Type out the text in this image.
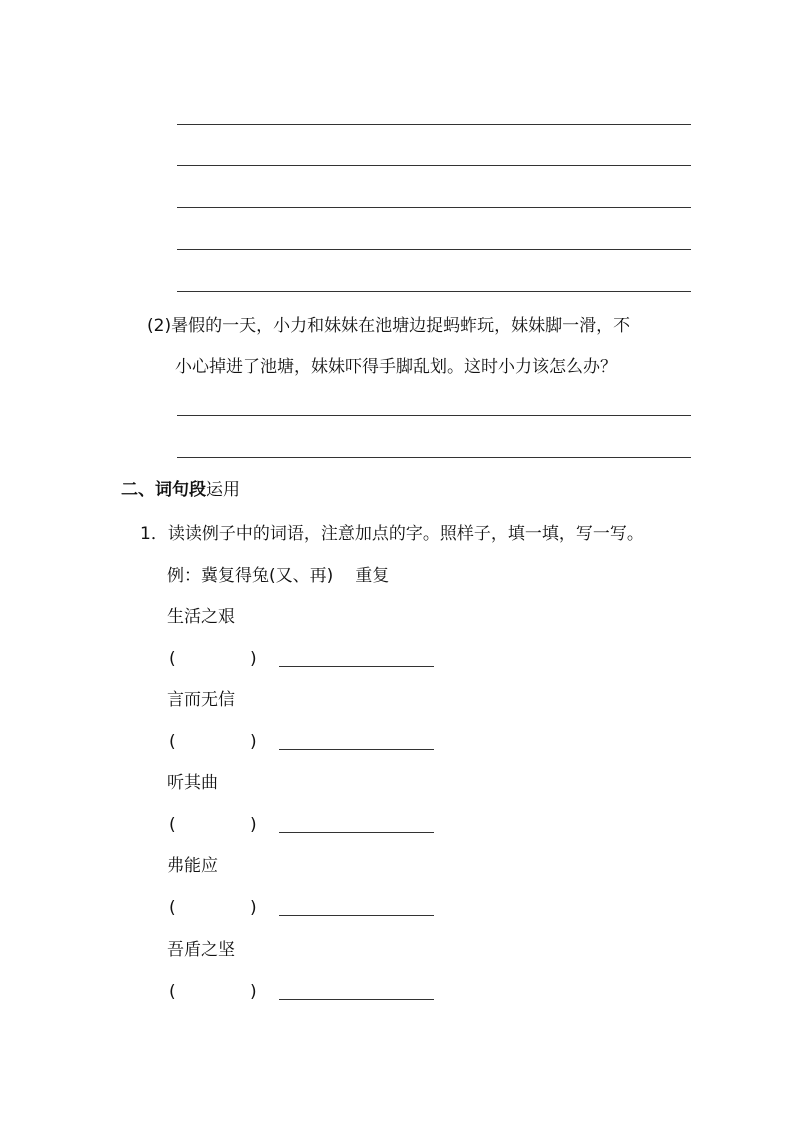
(2)暑假的一天，小力和妹妹在池塘边捉蚂蚱玩，妹妹脚一滑，不
小心掉进了池塘，妹妹吓得手脚乱划。这时小力该怎么办？
二、词句段运用
1．读读例子中的词语，注意加点的字。照样子，填一填，写一写。
例：冀复得兔(又、再) 重复
生活之艰
(	)
言而无信
(	)
听其曲
(	)
弗能应
(	)
吾盾之坚
(	)
